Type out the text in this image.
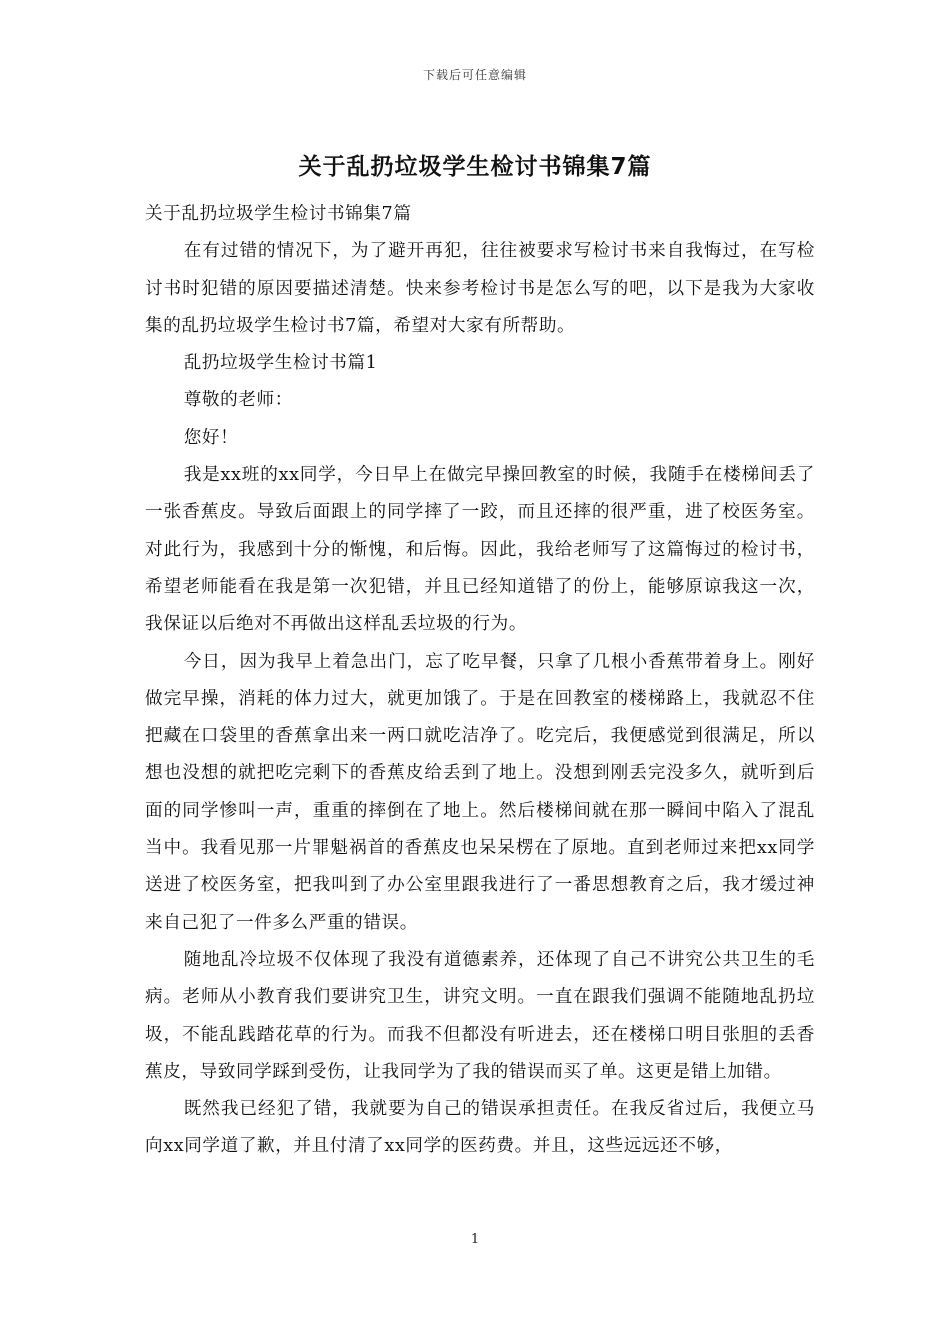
下载后可任意编辑
关于乱扔垃圾学生检讨书锦集7篇

关于乱扔垃圾学生检讨书锦集7篇

在有过错的情况下，为了避开再犯，往往被要求写检讨书来自我悔过，在写检讨书时犯错的原因要描述清楚。快来参考检讨书是怎么写的吧，以下是我为大家收集的乱扔垃圾学生检讨书7篇，希望对大家有所帮助。

乱扔垃圾学生检讨书篇1

尊敬的老师：

您好！

我是xx班的xx同学，今日早上在做完早操回教室的时候，我随手在楼梯间丢了一张香蕉皮。导致后面跟上的同学摔了一跤，而且还摔的很严重，进了校医务室。对此行为，我感到十分的惭愧，和后悔。因此，我给老师写了这篇悔过的检讨书，希望老师能看在我是第一次犯错，并且已经知道错了的份上，能够原谅我这一次，我保证以后绝对不再做出这样乱丢垃圾的行为。

今日，因为我早上着急出门，忘了吃早餐，只拿了几根小香蕉带着身上。刚好做完早操，消耗的体力过大，就更加饿了。于是在回教室的楼梯路上，我就忍不住把藏在口袋里的香蕉拿出来一两口就吃洁净了。吃完后，我便感觉到很满足，所以想也没想的就把吃完剩下的香蕉皮给丢到了地上。没想到刚丢完没多久，就听到后面的同学惨叫一声，重重的摔倒在了地上。然后楼梯间就在那一瞬间中陷入了混乱当中。我看见那一片罪魁祸首的香蕉皮也呆呆楞在了原地。直到老师过来把xx同学送进了校医务室，把我叫到了办公室里跟我进行了一番思想教育之后，我才缓过神来自己犯了一件多么严重的错误。

随地乱冷垃圾不仅体现了我没有道德素养，还体现了自己不讲究公共卫生的毛病。老师从小教育我们要讲究卫生，讲究文明。一直在跟我们强调不能随地乱扔垃圾，不能乱践踏花草的行为。而我不但都没有听进去，还在楼梯口明目张胆的丢香蕉皮，导致同学踩到受伤，让我同学为了我的错误而买了单。这更是错上加错。

既然我已经犯了错，我就要为自己的错误承担责任。在我反省过后，我便立马向xx同学道了歉，并且付清了xx同学的医药费。并且，这些远远还不够，

1
